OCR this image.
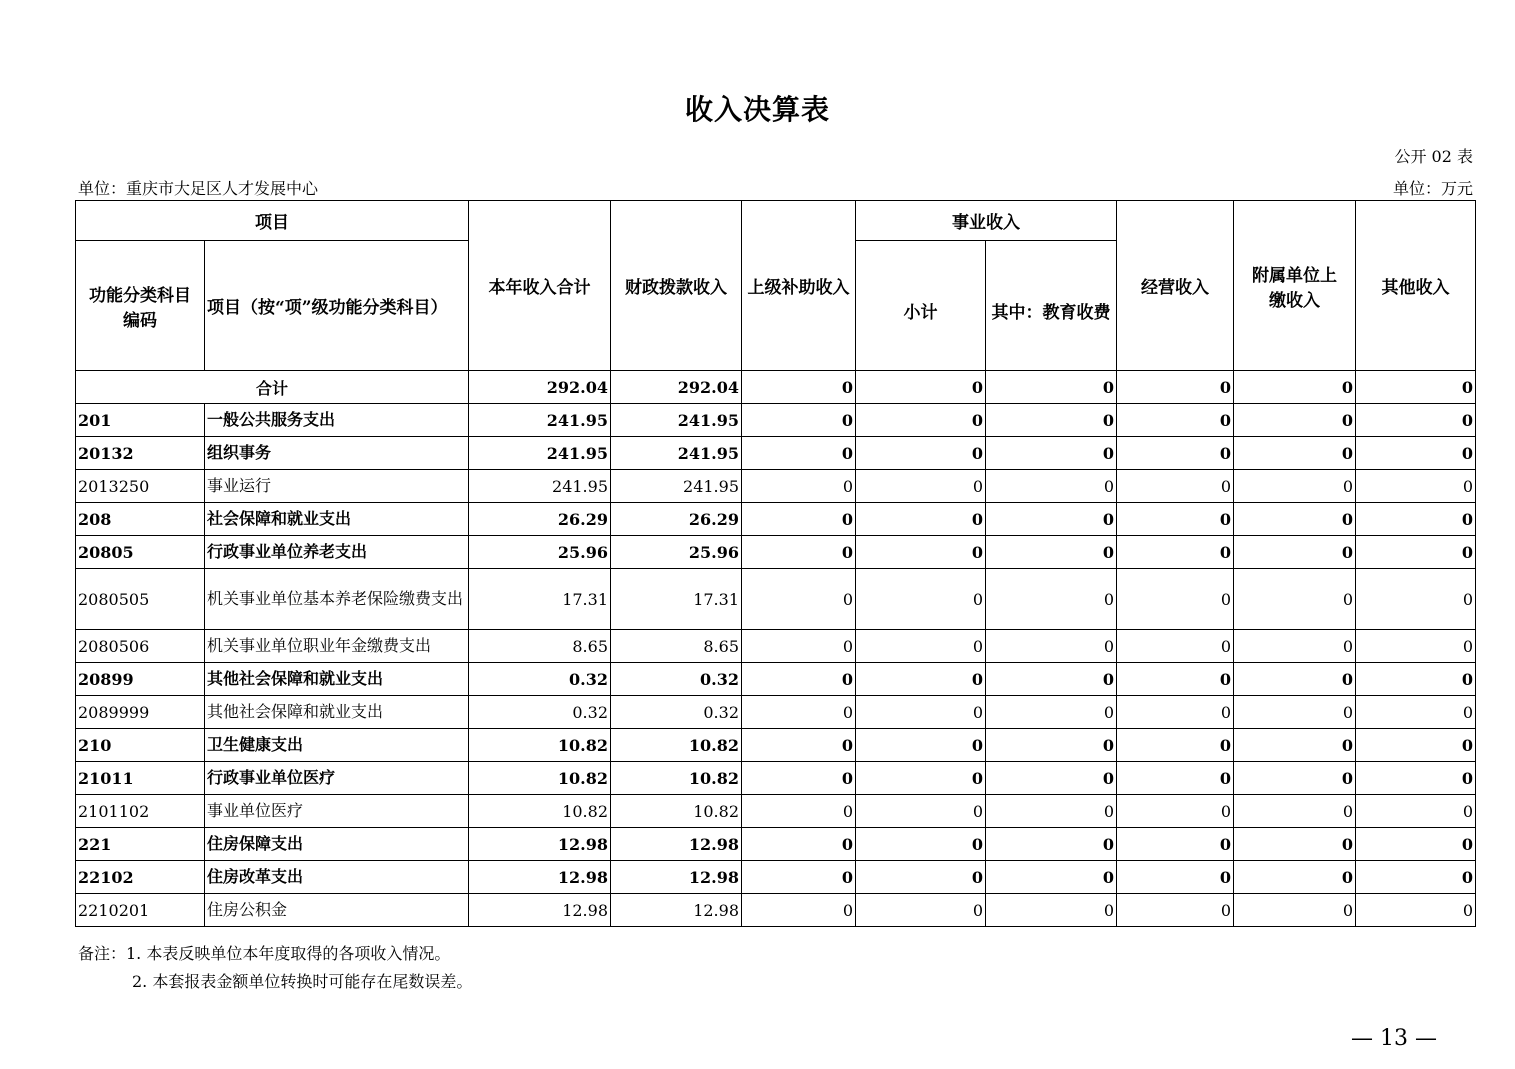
收入决算表
公开 02 表
单位：重庆市大足区人才发展中心	单位：万元
项目		本年收入合计	财政拨款收入	上级补助收入	事业收入		经营收入	附属单位上缴收入	其他收入
功能分类科目编码	项目（按“项”级功能分类科目）				小计	其中：教育收费			
合计		292.04	292.04	0	0	0	0	0	0
201	一般公共服务支出	241.95	241.95	0	0	0	0	0	0
20132	组织事务	241.95	241.95	0	0	0	0	0	0
2013250	事业运行	241.95	241.95	0	0	0	0	0	0
208	社会保障和就业支出	26.29	26.29	0	0	0	0	0	0
20805	行政事业单位养老支出	25.96	25.96	0	0	0	0	0	0
2080505	机关事业单位基本养老保险缴费支出	17.31	17.31	0	0	0	0	0	0
2080506	机关事业单位职业年金缴费支出	8.65	8.65	0	0	0	0	0	0
20899	其他社会保障和就业支出	0.32	0.32	0	0	0	0	0	0
2089999	其他社会保障和就业支出	0.32	0.32	0	0	0	0	0	0
210	卫生健康支出	10.82	10.82	0	0	0	0	0	0
21011	行政事业单位医疗	10.82	10.82	0	0	0	0	0	0
2101102	事业单位医疗	10.82	10.82	0	0	0	0	0	0
221	住房保障支出	12.98	12.98	0	0	0	0	0	0
22102	住房改革支出	12.98	12.98	0	0	0	0	0	0
2210201	住房公积金	12.98	12.98	0	0	0	0	0	0
备注：1. 本表反映单位本年度取得的各项收入情况。
2. 本套报表金额单位转换时可能存在尾数误差。
— 13 —
